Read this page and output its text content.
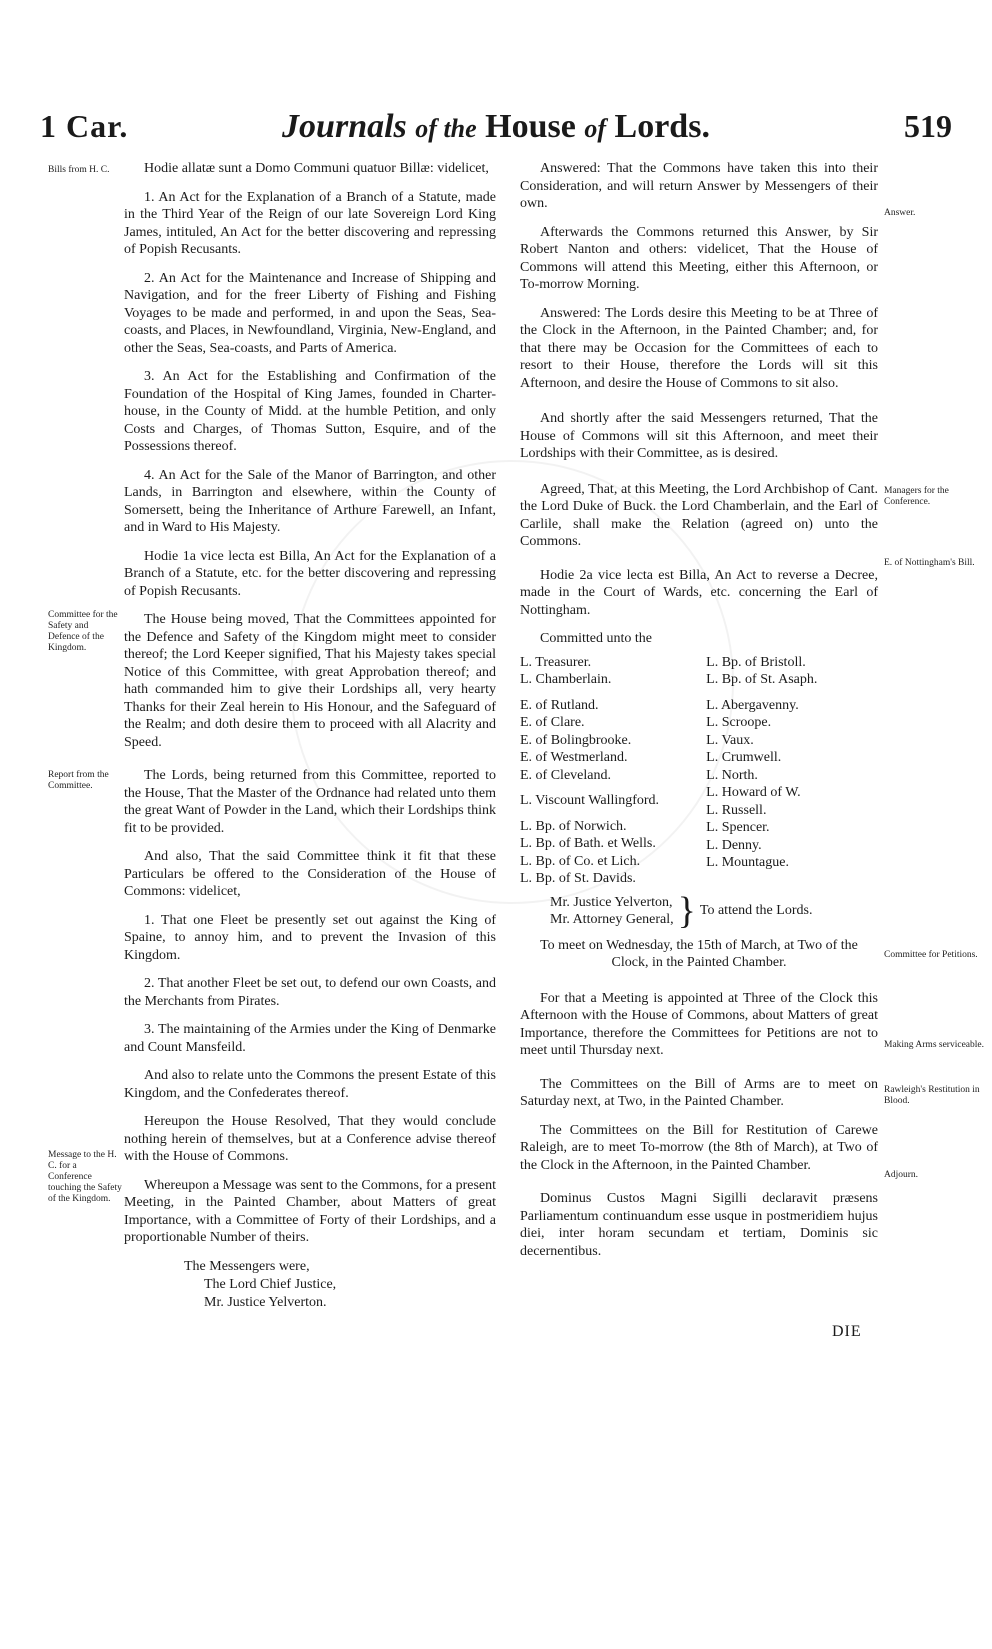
1 Car.	Journals of the House of Lords.	519
Bills from H. C.
Committee for the Safety and Defence of the Kingdom.
Report from the Committee.
Message to the H. C. for a Conference touching the Safety of the Kingdom.
Answer.
Managers for the Conference.
E. of Nottingham's Bill.
Committee for Petitions.
Making Arms serviceable.
Rawleigh's Restitution in Blood.
Adjourn.

Hodie allatæ sunt a Domo Communi quatuor Billæ: videlicet,

1. An Act for the Explanation of a Branch of a Statute, made in the Third Year of the Reign of our late Sovereign Lord King James, intituled, An Act for the better discovering and repressing of Popish Recusants.

2. An Act for the Maintenance and Increase of Shipping and Navigation, and for the freer Liberty of Fishing and Fishing Voyages to be made and performed, in and upon the Seas, Sea-coasts, and Places, in Newfoundland, Virginia, New-England, and other the Seas, Sea-coasts, and Parts of America.

3. An Act for the Establishing and Confirmation of the Foundation of the Hospital of King James, founded in Charter-house, in the County of Midd. at the humble Petition, and only Costs and Charges, of Thomas Sutton, Esquire, and of the Possessions thereof.

4. An Act for the Sale of the Manor of Barrington, and other Lands, in Barrington and elsewhere, within the County of Somersett, being the Inheritance of Arthure Farewell, an Infant, and in Ward to His Majesty.

Hodie 1a vice lecta est Billa, An Act for the Explanation of a Branch of a Statute, etc. for the better discovering and repressing of Popish Recusants.

The House being moved, That the Committees appointed for the Defence and Safety of the Kingdom might meet to consider thereof; the Lord Keeper signified, That his Majesty takes special Notice of this Committee, with great Approbation thereof; and hath commanded him to give their Lordships all, very hearty Thanks for their Zeal herein to His Honour, and the Safeguard of the Realm; and doth desire them to proceed with all Alacrity and Speed.

The Lords, being returned from this Committee, reported to the House, That the Master of the Ordnance had related unto them the great Want of Powder in the Land, which their Lordships think fit to be provided.

And also, That the said Committee think it fit that these Particulars be offered to the Consideration of the House of Commons: videlicet,

1. That one Fleet be presently set out against the King of Spaine, to annoy him, and to prevent the Invasion of this Kingdom.

2. That another Fleet be set out, to defend our own Coasts, and the Merchants from Pirates.

3. The maintaining of the Armies under the King of Denmarke and Count Mansfeild.

And also to relate unto the Commons the present Estate of this Kingdom, and the Confederates thereof.

Hereupon the House Resolved, That they would conclude nothing herein of themselves, but at a Conference advise thereof with the House of Commons.

Whereupon a Message was sent to the Commons, for a present Meeting, in the Painted Chamber, about Matters of great Importance, with a Committee of Forty of their Lordships, and a proportionable Number of theirs.

The Messengers were,
The Lord Chief Justice,
Mr. Justice Yelverton.

Answered: That the Commons have taken this into their Consideration, and will return Answer by Messengers of their own.

Afterwards the Commons returned this Answer, by Sir Robert Nanton and others: videlicet, That the House of Commons will attend this Meeting, either this Afternoon, or To-morrow Morning.

Answered: The Lords desire this Meeting to be at Three of the Clock in the Afternoon, in the Painted Chamber; and, for that there may be Occasion for the Committees of each to resort to their House, therefore the Lords will sit this Afternoon, and desire the House of Commons to sit also.

And shortly after the said Messengers returned, That the House of Commons will sit this Afternoon, and meet their Lordships with their Committee, as is desired.

Agreed, That, at this Meeting, the Lord Archbishop of Cant. the Lord Duke of Buck. the Lord Chamberlain, and the Earl of Carlile, shall make the Relation (agreed on) unto the Commons.

Hodie 2a vice lecta est Billa, An Act to reverse a Decree, made in the Court of Wards, etc. concerning the Earl of Nottingham.

Committed unto the
L. Treasurer.
L. Chamberlain.
E. of Rutland.
E. of Clare.
E. of Bolingbrooke.
E. of Westmerland.
E. of Cleveland.
L. Viscount Wallingford.
L. Bp. of Norwich.
L. Bp. of Bath. et Wells.
L. Bp. of Co. et Lich.
L. Bp. of St. Davids.
L. Bp. of Bristoll.
L. Bp. of St. Asaph.
L. Abergavenny.
L. Scroope.
L. Vaux.
L. Crumwell.
L. North.
L. Howard of W.
L. Russell.
L. Spencer.
L. Denny.
L. Mountague.
Mr. Justice Yelverton,
Mr. Attorney General, } To attend the Lords.

To meet on Wednesday, the 15th of March, at Two of the Clock, in the Painted Chamber.

For that a Meeting is appointed at Three of the Clock this Afternoon with the House of Commons, about Matters of great Importance, therefore the Committees for Petitions are not to meet until Thursday next.

The Committees on the Bill of Arms are to meet on Saturday next, at Two, in the Painted Chamber.

The Committees on the Bill for Restitution of Carewe Raleigh, are to meet To-morrow (the 8th of March), at Two of the Clock in the Afternoon, in the Painted Chamber.

Dominus Custos Magni Sigilli declaravit præsens Parliamentum continuandum esse usque in postmeridiem hujus diei, inter horam secundam et tertiam, Dominis sic decernentibus.

DIE
